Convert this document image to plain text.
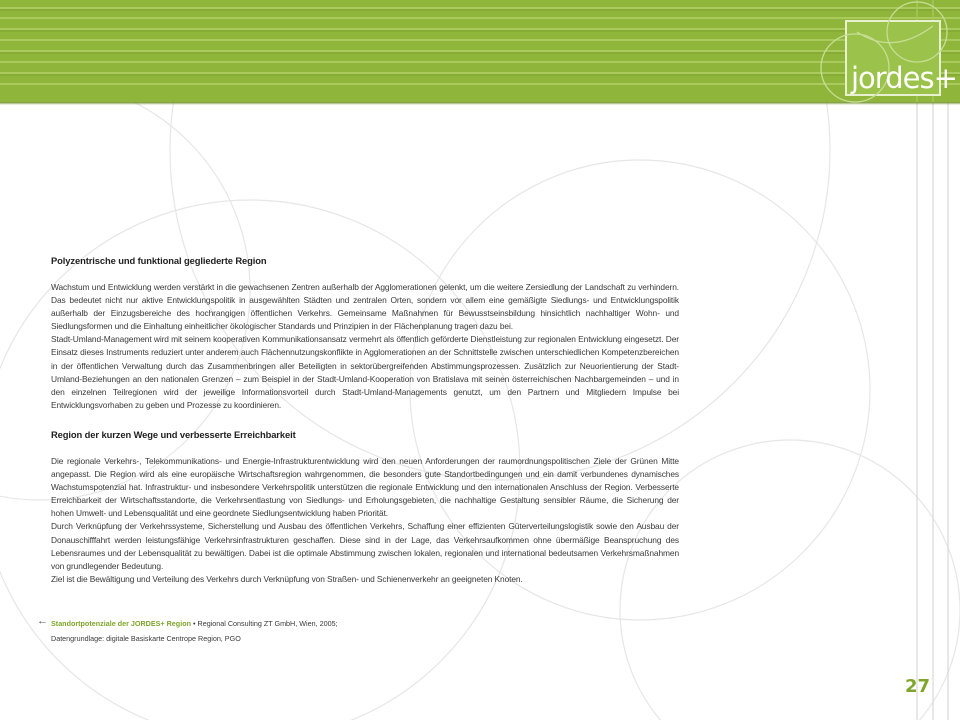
jordes+
Polyzentrische und funktional gegliederte Region

Wachstum und Entwicklung werden verstärkt in die gewachsenen Zentren außerhalb der Agglomerationen gelenkt, um die weitere Zersiedlung der Landschaft zu verhindern. Das bedeutet nicht nur aktive Entwicklungspolitik in ausgewählten Städten und zentralen Orten, sondern vor allem eine gemäßigte Siedlungs- und Entwicklungspolitik außerhalb der Einzugsbereiche des hochrangigen öffentlichen Verkehrs. Gemeinsame Maßnahmen für Bewusstseinsbildung hinsichtlich nachhaltiger Wohn- und Siedlungsformen und die Einhaltung einheitlicher ökologischer Standards und Prinzipien in der Flächenplanung tragen dazu bei.

Stadt-Umland-Management wird mit seinem kooperativen Kommunikationsansatz vermehrt als öffentlich geförderte Dienstleistung zur regionalen Entwicklung eingesetzt. Der Einsatz dieses Instruments reduziert unter anderem auch Flächennutzungskonflikte in Agglomerationen an der Schnittstelle zwischen unterschiedlichen Kompetenzbereichen in der öffentlichen Verwaltung durch das Zusammenbringen aller Beteiligten in sektorübergreifenden Abstimmungsprozessen. Zusätzlich zur Neuorientierung der Stadt-Umland-Beziehungen an den nationalen Grenzen – zum Beispiel in der Stadt-Umland-Kooperation von Bratislava mit seinen österreichischen Nachbargemeinden – und in den einzelnen Teilregionen wird der jeweilige Informationsvorteil durch Stadt-Umland-Managements genutzt, um den Partnern und Mitgliedern Impulse bei Entwicklungsvorhaben zu geben und Prozesse zu koordinieren.

Region der kurzen Wege und verbesserte Erreichbarkeit

Die regionale Verkehrs-, Telekommunikations- und Energie-Infrastrukturentwicklung wird den neuen Anforderungen der raumordnungspolitischen Ziele der Grünen Mitte angepasst. Die Region wird als eine europäische Wirtschaftsregion wahrgenommen, die besonders gute Standortbedingungen und ein damit verbundenes dynamisches Wachstumspotenzial hat. Infrastruktur- und insbesondere Verkehrspolitik unterstützen die regionale Entwicklung und den internationalen Anschluss der Region. Verbesserte Erreichbarkeit der Wirtschaftsstandorte, die Verkehrsentlastung von Siedlungs- und Erholungsgebieten, die nachhaltige Gestaltung sensibler Räume, die Sicherung der hohen Umwelt- und Lebensqualität und eine geordnete Siedlungsentwicklung haben Priorität.

Durch Verknüpfung der Verkehrssysteme, Sicherstellung und Ausbau des öffentlichen Verkehrs, Schaffung einer effizienten Güterverteilungslogistik sowie den Ausbau der Donauschifffahrt werden leistungsfähige Verkehrsinfrastrukturen geschaffen. Diese sind in der Lage, das Verkehrsaufkommen ohne übermäßige Beanspruchung des Lebensraumes und der Lebensqualität zu bewältigen. Dabei ist die optimale Abstimmung zwischen lokalen, regionalen und international bedeutsamen Verkehrsmaßnahmen von grundlegender Bedeutung.

Ziel ist die Bewältigung und Verteilung des Verkehrs durch Verknüpfung von Straßen- und Schienenverkehr an geeigneten Knoten.

← Standortpotenziale der JORDES+ Region • Regional Consulting ZT GmbH, Wien, 2005;
Datengrundlage: digitale Basiskarte Centrope Region, PGO
27
